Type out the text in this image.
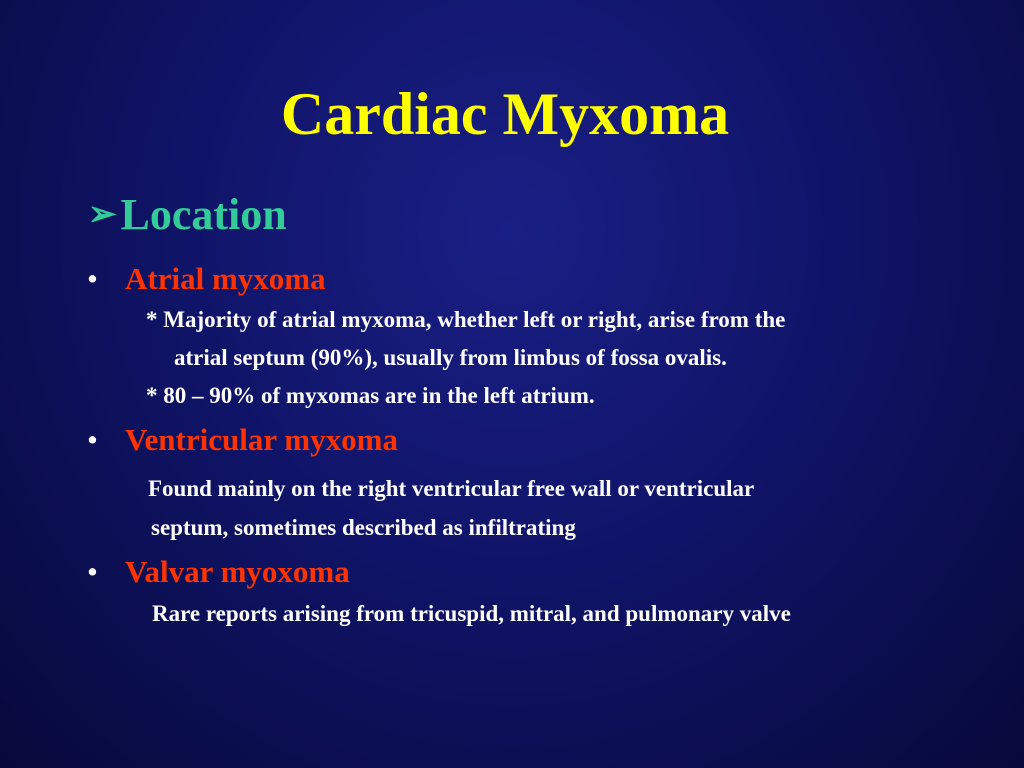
Cardiac Myxoma
➢Location
• Atrial myxoma
* Majority of atrial myxoma, whether left or right, arise from the
atrial septum (90%), usually from limbus of fossa ovalis.
* 80 – 90% of myxomas are in the left atrium.
• Ventricular myxoma
Found mainly on the right ventricular free wall or ventricular
septum, sometimes described as infiltrating
• Valvar myoxoma
Rare reports arising from tricuspid, mitral, and pulmonary valve
